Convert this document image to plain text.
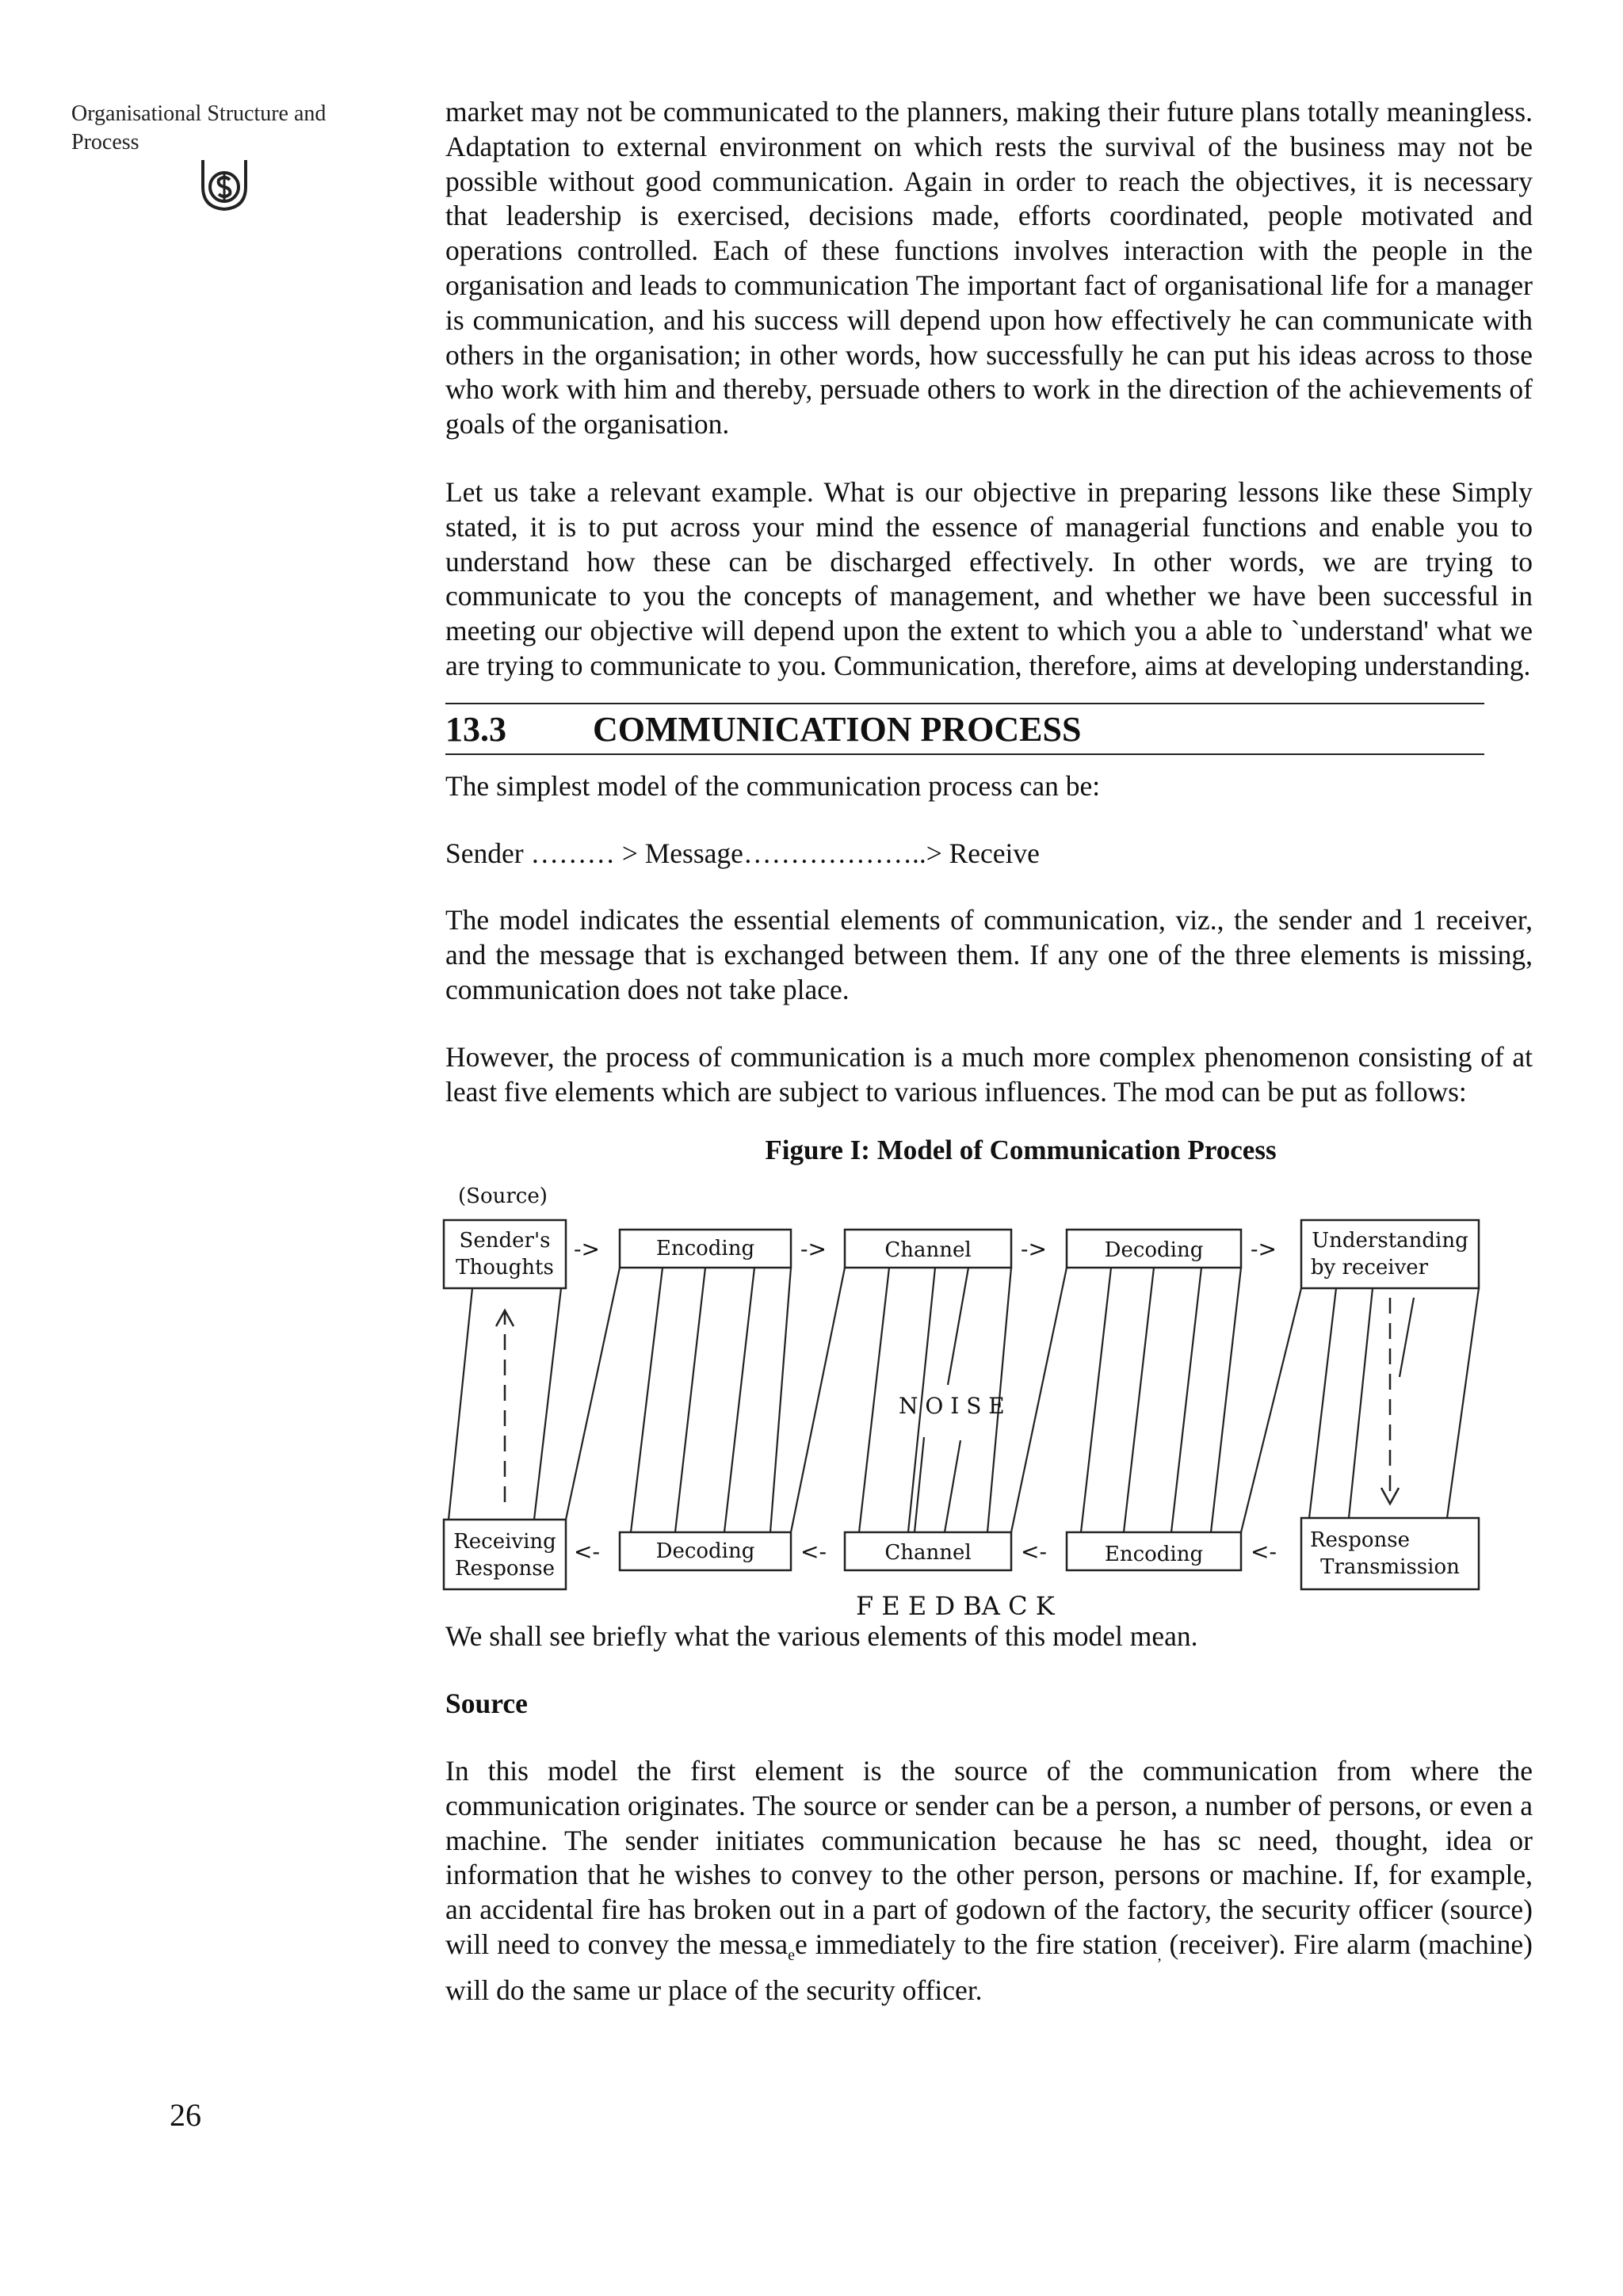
Organisational Structure and Process
26

market may not be communicated to the planners, making their future plans totally meaningless. Adaptation to external environment on which rests the survival of the business may not be possible without good communication. Again in order to reach the objectives, it is necessary that leadership is exercised, decisions made, efforts coordinated, people motivated and operations controlled. Each of these functions involves interaction with the people in the organisation and leads to communication The important fact of organisational life for a manager is communication, and his success will depend upon how effectively he can communicate with others in the organisation; in other words, how successfully he can put his ideas across to those who work with him and thereby, persuade others to work in the direction of the achievements of goals of the organisation.

Let us take a relevant example. What is our objective in preparing lessons like these Simply stated, it is to put across your mind the essence of managerial functions and enable you to understand how these can be discharged effectively. In other words, we are trying to communicate to you the concepts of management, and whether we have been successful in meeting our objective will depend upon the extent to which you a able to `understand' what we are trying to communicate to you. Communication, therefore, aims at developing understanding.

13.3 COMMUNICATION PROCESS

The simplest model of the communication process can be:

Sender ……… > Message………………..> Receive

The model indicates the essential elements of communication, viz., the sender and 1 receiver, and the message that is exchanged between them. If any one of the three elements is missing, communication does not take place.

However, the process of communication is a much more complex phenomenon consisting of at least five elements which are subject to various influences. The mod can be put as follows:

Figure I: Model of Communication Process
(Source)
Sender's
Thoughts
Encoding	Channel	Decoding	Understanding
by receiver
Receiving
Response
Decoding	Channel	Encoding
Response
Transmission
->	->	->	->
<-	<-	<-	<-
N O I S E
F E E D BA C K

We shall see briefly what the various elements of this model mean.

Source

In this model the first element is the source of the communication from where the communication originates. The source or sender can be a person, a number of persons, or even a machine. The sender initiates communication because he has sc need, thought, idea or information that he wishes to convey to the other person, persons or machine. If, for example, an accidental fire has broken out in a part of godown of the factory, the security officer (source) will need to convey the messa$_e$e immediately to the fire station$_,$ (receiver). Fire alarm (machine) will do the same ur place of the security officer.
